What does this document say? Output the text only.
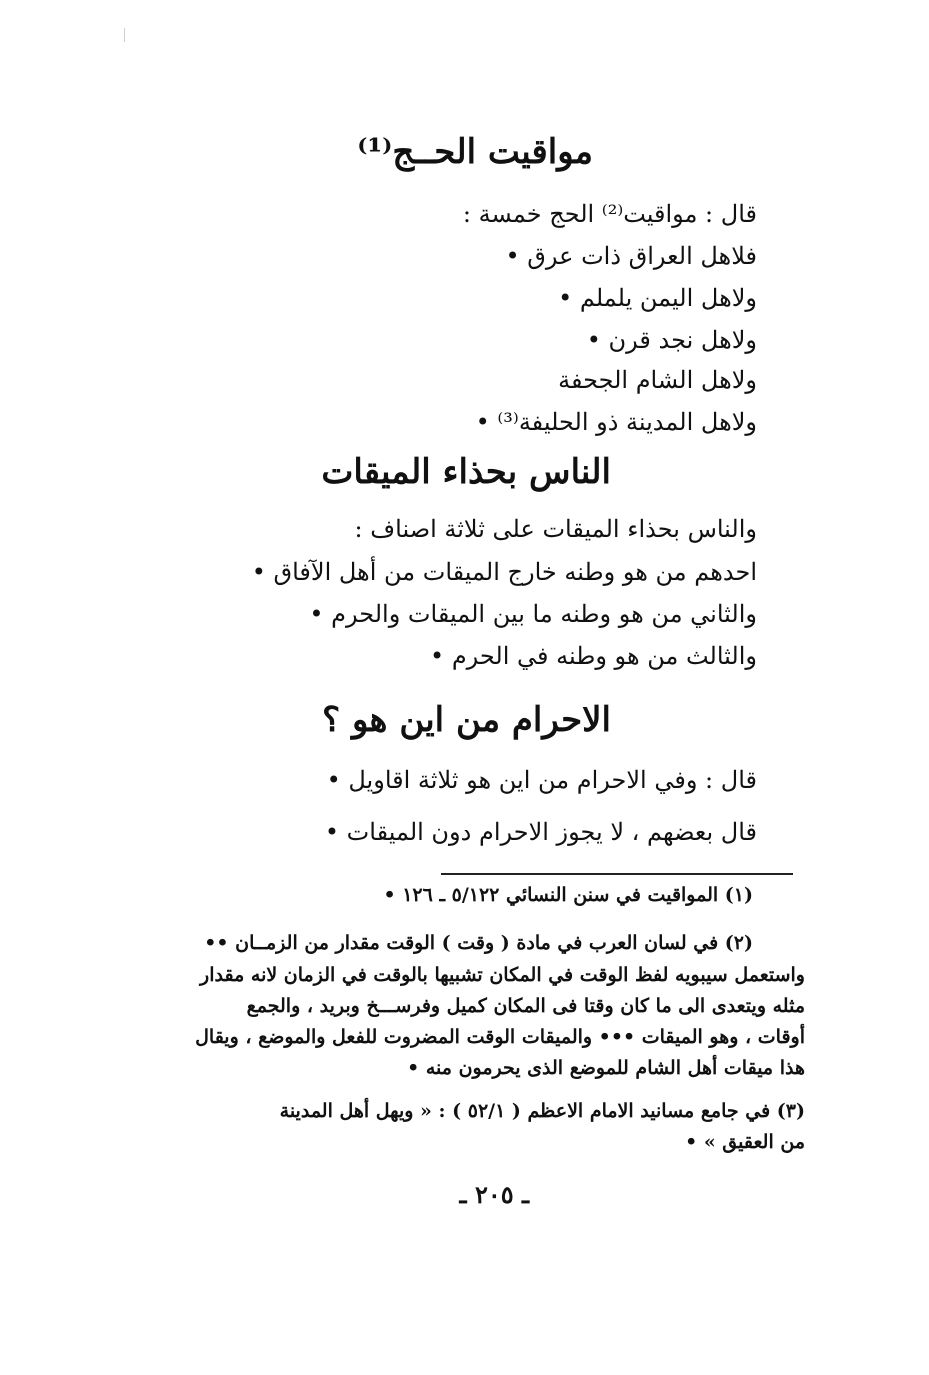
مواقيت الحــج⁽¹⁾
قال : مواقيت⁽²⁾ الحج خمسة :
فلاهل العراق ذات عرق •
ولاهل اليمن يلملم •
ولاهل نجد قرن •
ولاهل الشام الجحفة
ولاهل المدينة ذو الحليفة⁽³⁾ •
الناس بحذاء الميقات
والناس بحذاء الميقات على ثلاثة اصناف :
احدهم من هو وطنه خارج الميقات من أهل الآفاق •
والثاني من هو وطنه ما بين الميقات والحرم •
والثالث من هو وطنه في الحرم •
الاحرام من اين هو ؟
قال : وفي الاحرام من اين هو ثلاثة اقاويل •
قال بعضهم ، لا يجوز الاحرام دون الميقات •
(١) المواقيت في سنن النسائي ٥/١٢٢ ـ ١٢٦ •
(٢) في لسان العرب في مادة ( وقت ) الوقت مقدار من الزمــان ••
واستعمل سيبويه لفظ الوقت في المكان تشبيها بالوقت في الزمان لانه مقدار
مثله ويتعدى الى ما كان وقتا فى المكان كميل وفرســـخ وبريد ، والجمع
أوقات ، وهو الميقات ••• والميقات الوقت المضروت للفعل والموضع ، ويقال
هذا ميقات أهل الشام للموضع الذى يحرمون منه •
(٣) في جامع مسانيد الامام الاعظم ( ٥٢/١ ) : « ويهل أهل المدينة
من العقيق » •
ـ ٢٠٥ ـ
